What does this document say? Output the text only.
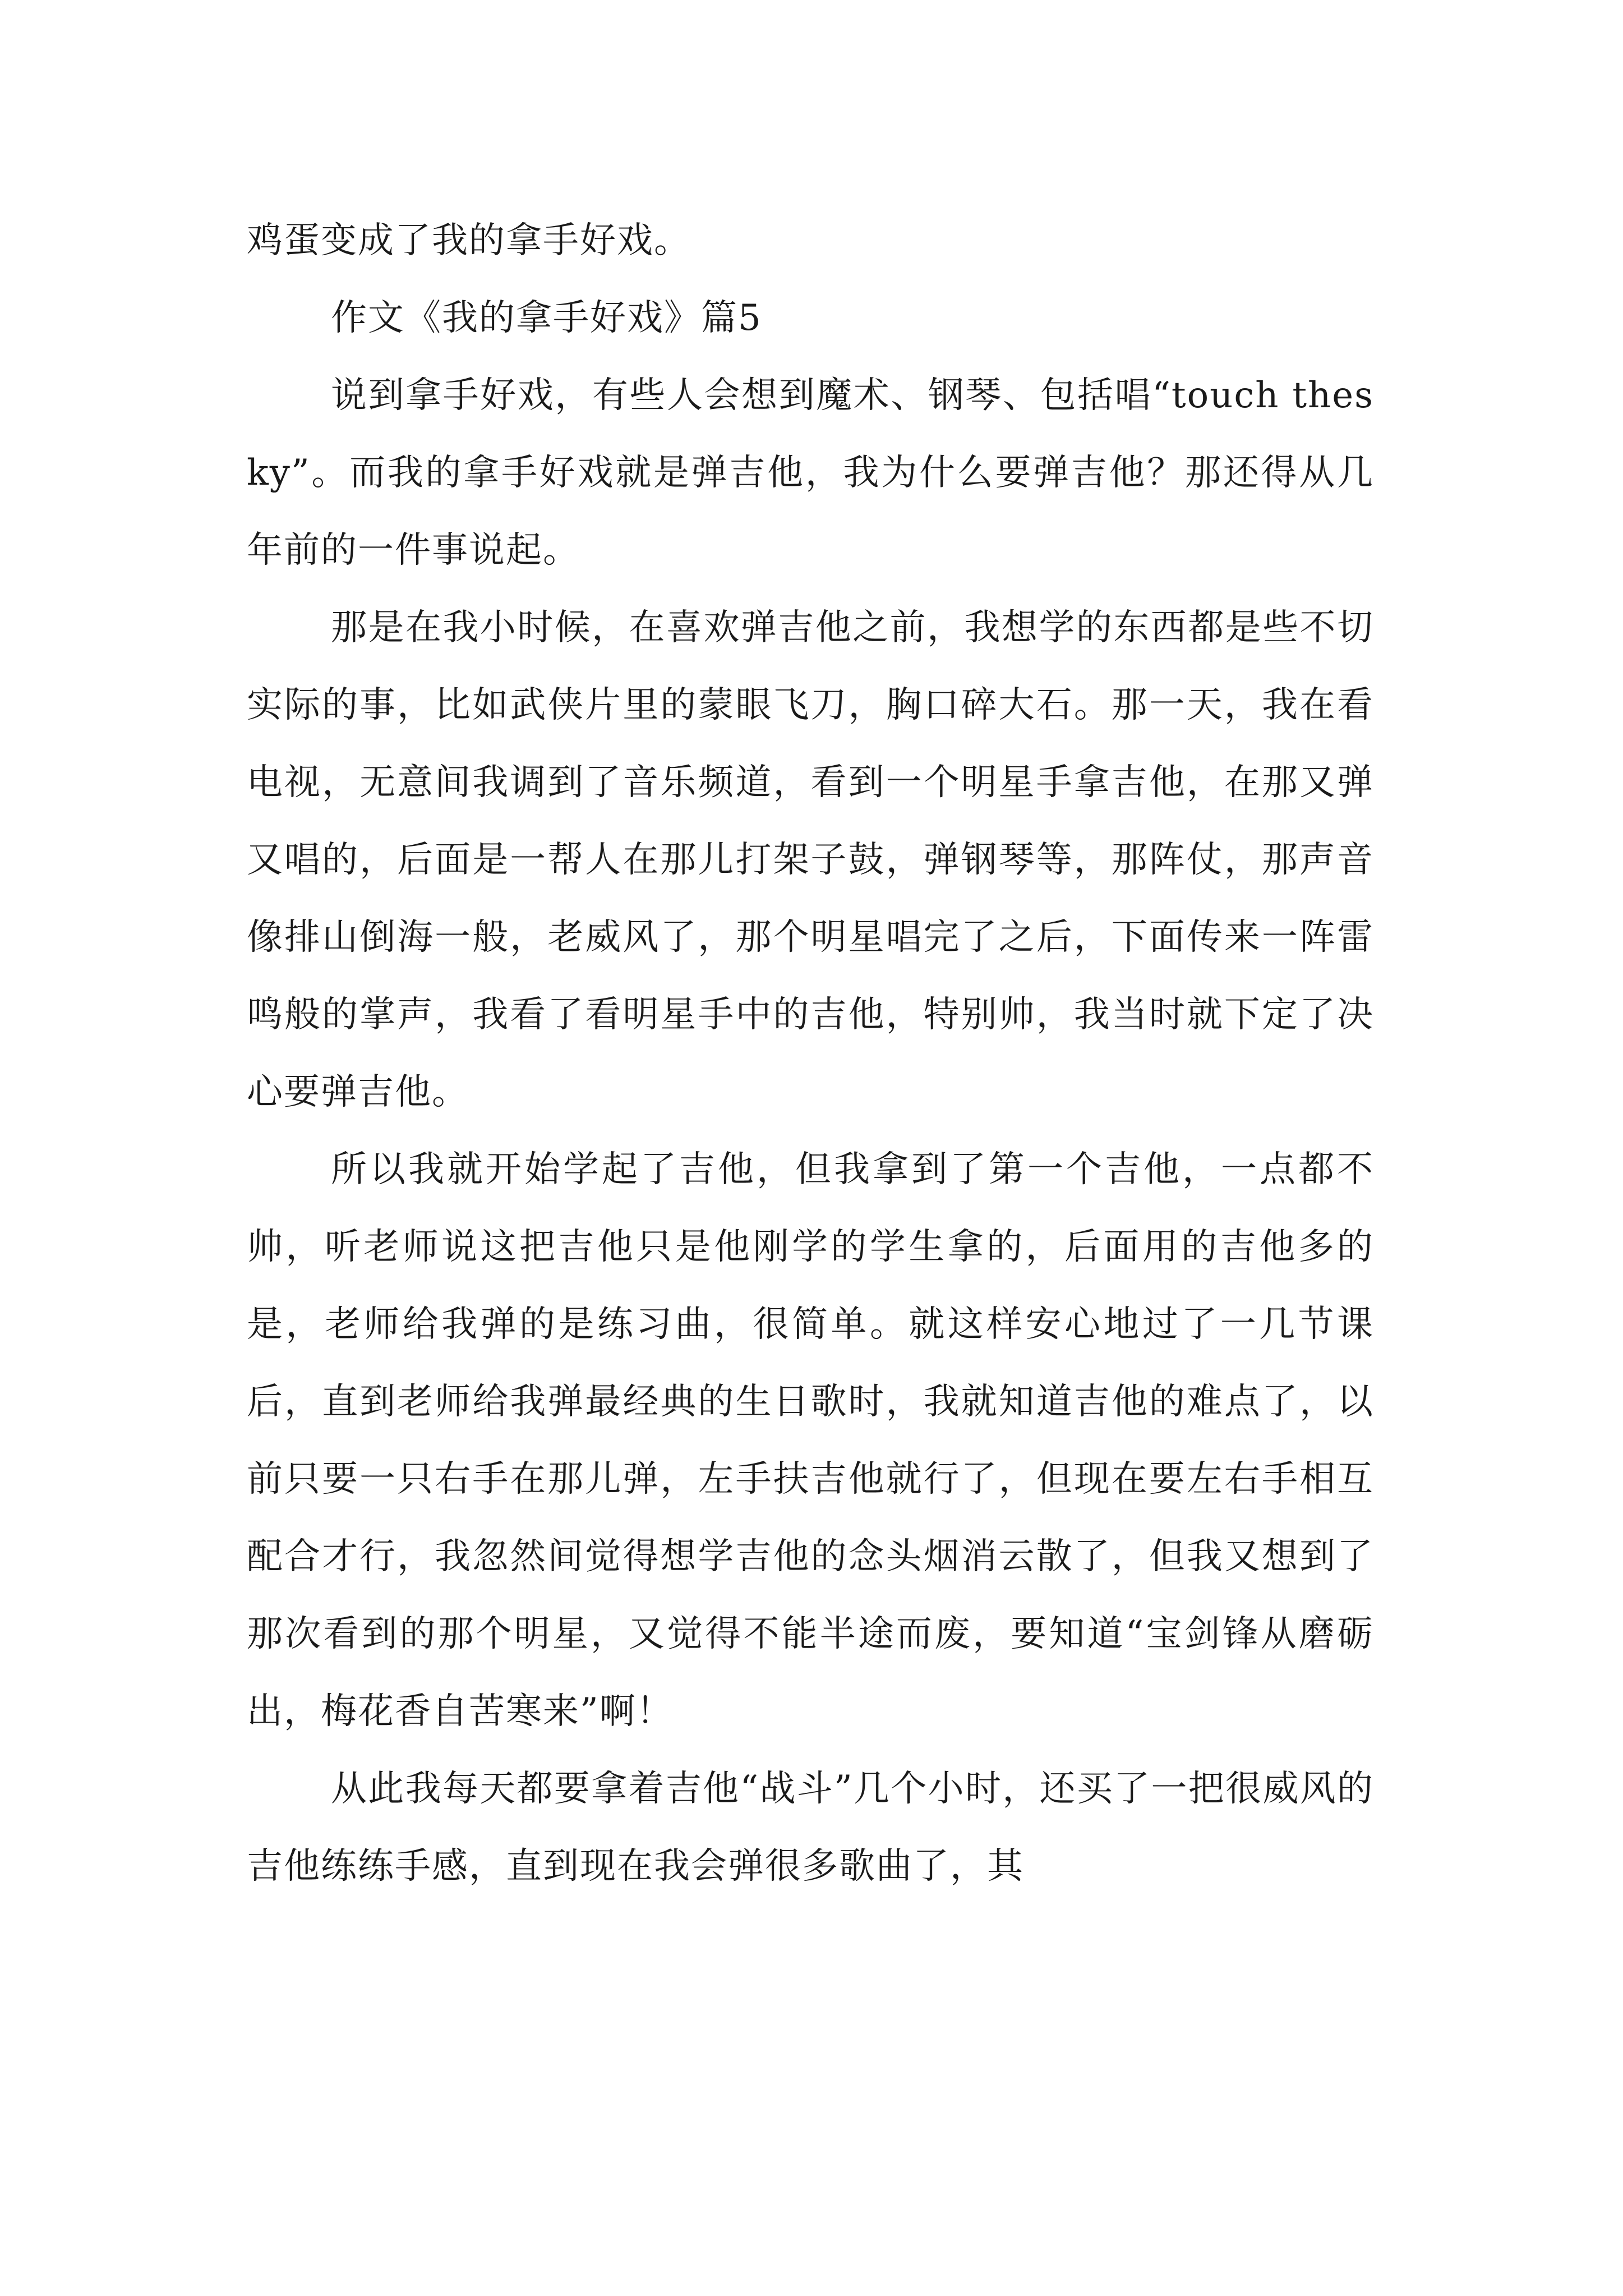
鸡蛋变成了我的拿手好戏。

作文《我的拿手好戏》篇5

说到拿手好戏，有些人会想到魔术、钢琴、包括唱“touch thesky”。而我的拿手好戏就是弹吉他，我为什么要弹吉他？那还得从几年前的一件事说起。

那是在我小时候，在喜欢弹吉他之前，我想学的东西都是些不切实际的事，比如武侠片里的蒙眼飞刀，胸口碎大石。那一天，我在看电视，无意间我调到了音乐频道，看到一个明星手拿吉他，在那又弹又唱的，后面是一帮人在那儿打架子鼓，弹钢琴等，那阵仗，那声音像排山倒海一般，老威风了，那个明星唱完了之后，下面传来一阵雷鸣般的掌声，我看了看明星手中的吉他，特别帅，我当时就下定了决心要弹吉他。

所以我就开始学起了吉他，但我拿到了第一个吉他，一点都不帅，听老师说这把吉他只是他刚学的学生拿的，后面用的吉他多的是，老师给我弹的是练习曲，很简单。就这样安心地过了一几节课后，直到老师给我弹最经典的生日歌时，我就知道吉他的难点了，以前只要一只右手在那儿弹，左手扶吉他就行了，但现在要左右手相互配合才行，我忽然间觉得想学吉他的念头烟消云散了，但我又想到了那次看到的那个明星，又觉得不能半途而废，要知道“宝剑锋从磨砺出，梅花香自苦寒来”啊！

从此我每天都要拿着吉他“战斗”几个小时，还买了一把很威风的吉他练练手感，直到现在我会弹很多歌曲了，其
